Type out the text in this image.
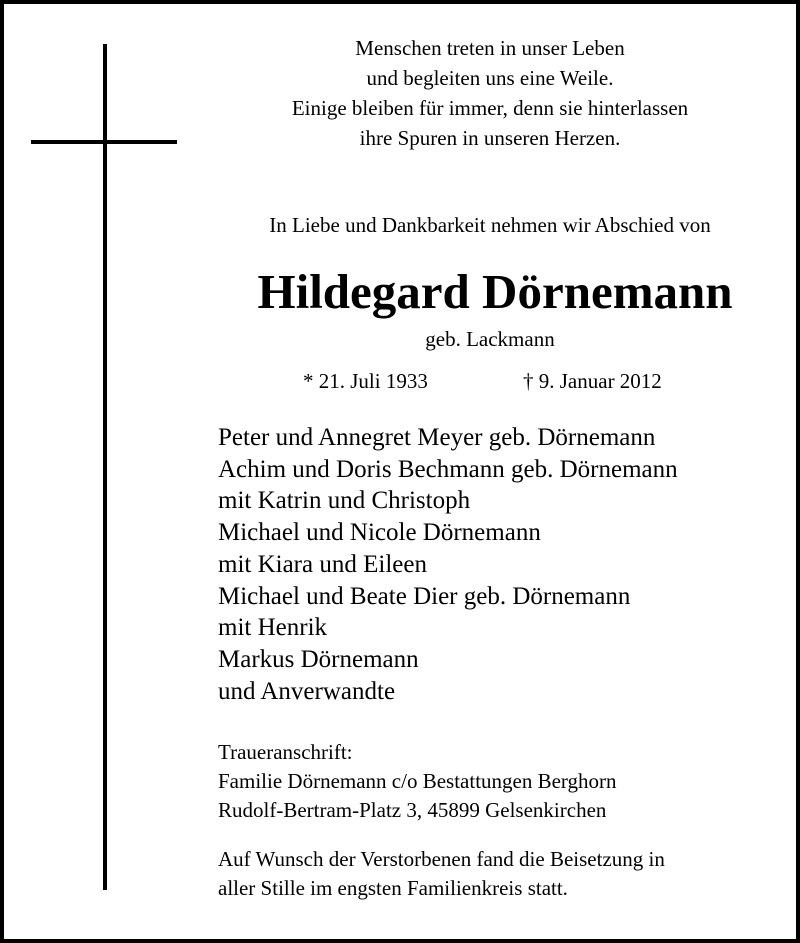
Menschen treten in unser Leben
und begleiten uns eine Weile.
Einige bleiben für immer, denn sie hinterlassen
ihre Spuren in unseren Herzen.
In Liebe und Dankbarkeit nehmen wir Abschied von
Hildegard Dörnemann
geb. Lackmann
* 21. Juli 1933	† 9. Januar 2012
Peter und Annegret Meyer geb. Dörnemann
Achim und Doris Bechmann geb. Dörnemann
mit Katrin und Christoph
Michael und Nicole Dörnemann
mit Kiara und Eileen
Michael und Beate Dier geb. Dörnemann
mit Henrik
Markus Dörnemann
und Anverwandte
Traueranschrift:
Familie Dörnemann c/o Bestattungen Berghorn
Rudolf-Bertram-Platz 3, 45899 Gelsenkirchen
Auf Wunsch der Verstorbenen fand die Beisetzung in
aller Stille im engsten Familienkreis statt.
